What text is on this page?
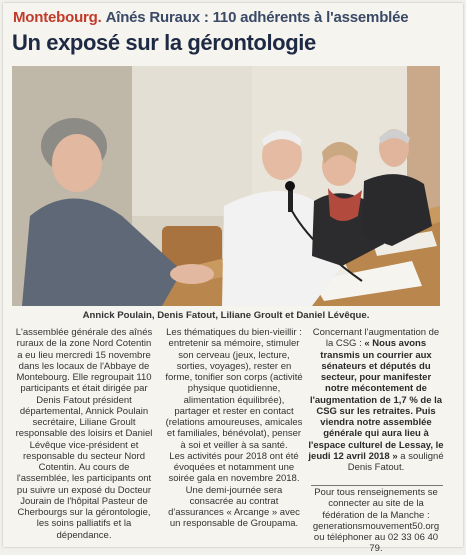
Montebourg. Aînés Ruraux : 110 adhérents à l'assemblée
Un exposé sur la gérontologie
Annick Poulain, Denis Fatout, Liliane Groult et Daniel Lévêque.

L'assemblée générale des aînés ruraux de la zone Nord Cotentin a eu lieu mercredi 15 novembre dans les locaux de l'Abbaye de Montebourg. Elle regroupait 110 participants et était dirigée par Denis Fatout président départemental, Annick Poulain secrétaire, Liliane Groult responsable des loisirs et Daniel Lévêque vice-président et responsable du secteur Nord Cotentin. Au cours de l'assemblée, les participants ont pu suivre un exposé du Docteur Jourain de l'hôpital Pasteur de Cherbourgs sur la gérontologie, les soins palliatifs et la dépendance.

Les thématiques du bien-vieillir : entretenir sa mémoire, stimuler son cerveau (jeux, lecture, sorties, voyages), rester en forme, tonifier son corps (activité physique quotidienne, alimentation équilibrée), partager et rester en contact (relations amoureuses, amicales et familiales, bénévolat), penser à soi et veiller à sa santé.

Les activités pour 2018 ont été évoquées et notamment une soirée gala en novembre 2018. Une demi-journée sera consacrée au contrat d'assurances « Arcange » avec un responsable de Groupama.

Concernant l'augmentation de la CSG : « Nous avons transmis un courrier aux sénateurs et députés du secteur, pour manifester notre mécontement de l'augmentation de 1,7 % de la CSG sur les retraites. Puis viendra notre assemblée générale qui aura lieu à l'espace culturel de Lessay, le jeudi 12 avril 2018 » a souligné Denis Fatout.

Pour tous renseignements se connecter au site de la fédération de la Manche : generationsmouvement50.org ou téléphoner au 02 33 06 40 79.
